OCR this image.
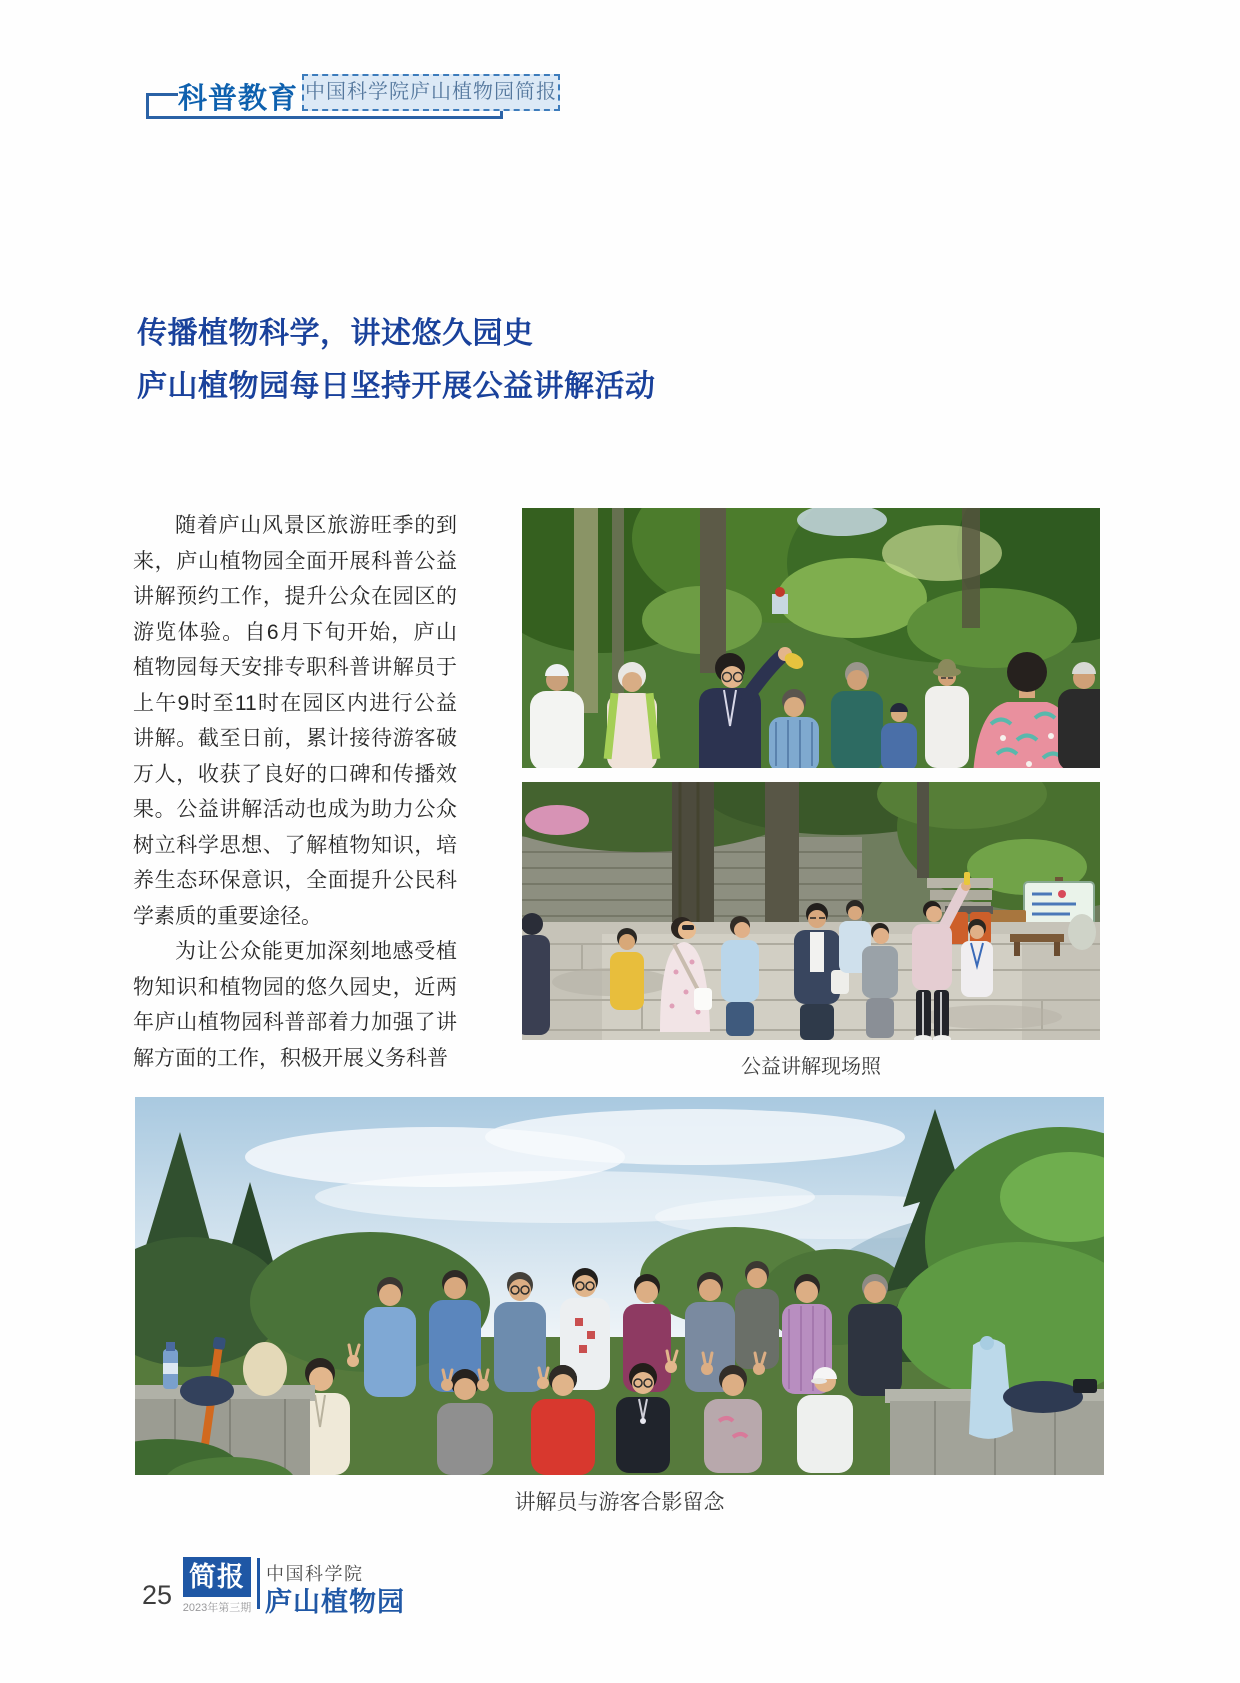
科普教育 中国科学院庐山植物园简报
传播植物科学，讲述悠久园史
庐山植物园每日坚持开展公益讲解活动

随着庐山风景区旅游旺季的到来，庐山植物园全面开展科普公益讲解预约工作，提升公众在园区的游览体验。自6月下旬开始，庐山植物园每天安排专职科普讲解员于上午9时至11时在园区内进行公益讲解。截至日前，累计接待游客破万人，收获了良好的口碑和传播效果。公益讲解活动也成为助力公众树立科学思想、了解植物知识，培养生态环保意识，全面提升公民科学素质的重要途径。

为让公众能更加深刻地感受植物知识和植物园的悠久园史，近两年庐山植物园科普部着力加强了讲解方面的工作，积极开展义务科普	公益讲解现场照
讲解员与游客合影留念
25
简报
2023年第三期
中国科学院
庐山植物园
